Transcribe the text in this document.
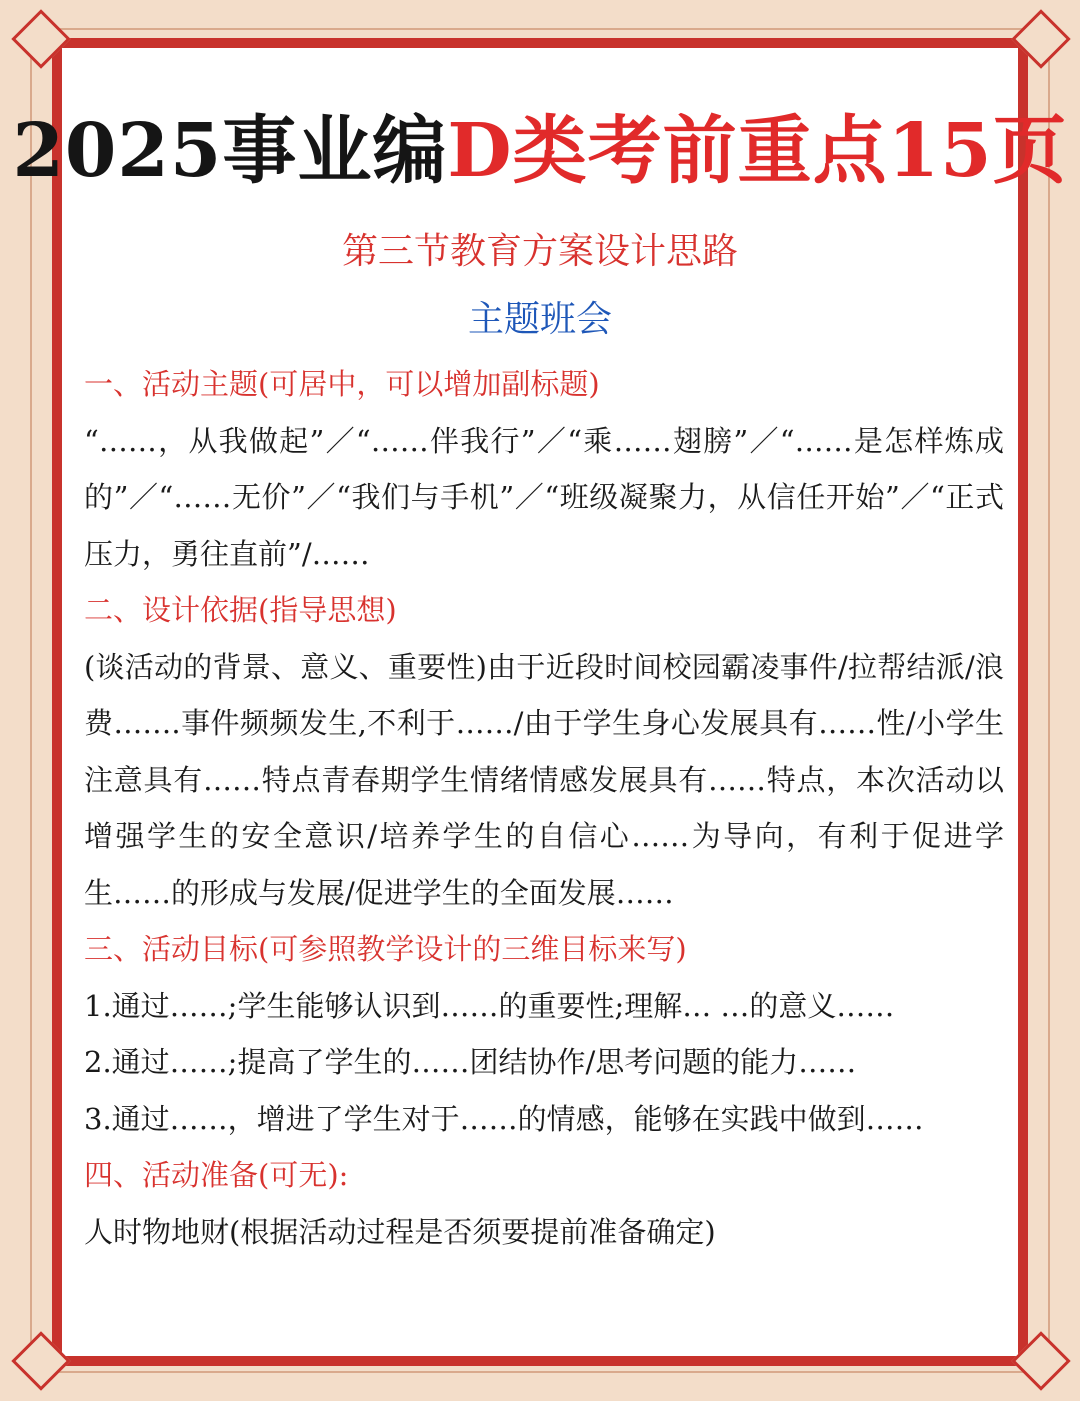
2025事业编D类考前重点15页
第三节教育方案设计思路
主题班会

一、活动主题(可居中，可以增加副标题)

“……，从我做起”／“……伴我行”／“乘……翅膀”／“……是怎样炼成的”／“……无价”／“我们与手机”／“班级凝聚力，从信任开始”／“正式压力，勇往直前”/……

二、设计依据(指导思想)

(谈活动的背景、意义、重要性)由于近段时间校园霸凌事件/拉帮结派/浪费…….事件频频发生,不利于……/由于学生身心发展具有……性/小学生注意具有……特点青春期学生情绪情感发展具有……特点，本次活动以增强学生的安全意识/培养学生的自信心……为导向，有利于促进学生……的形成与发展/促进学生的全面发展……

三、活动目标(可参照教学设计的三维目标来写)

1.通过……;学生能够认识到……的重要性;理解… …的意义……

2.通过……;提高了学生的……团结协作/思考问题的能力……

3.通过……，增进了学生对于……的情感，能够在实践中做到……

四、活动准备(可无):

人时物地财(根据活动过程是否须要提前准备确定)
